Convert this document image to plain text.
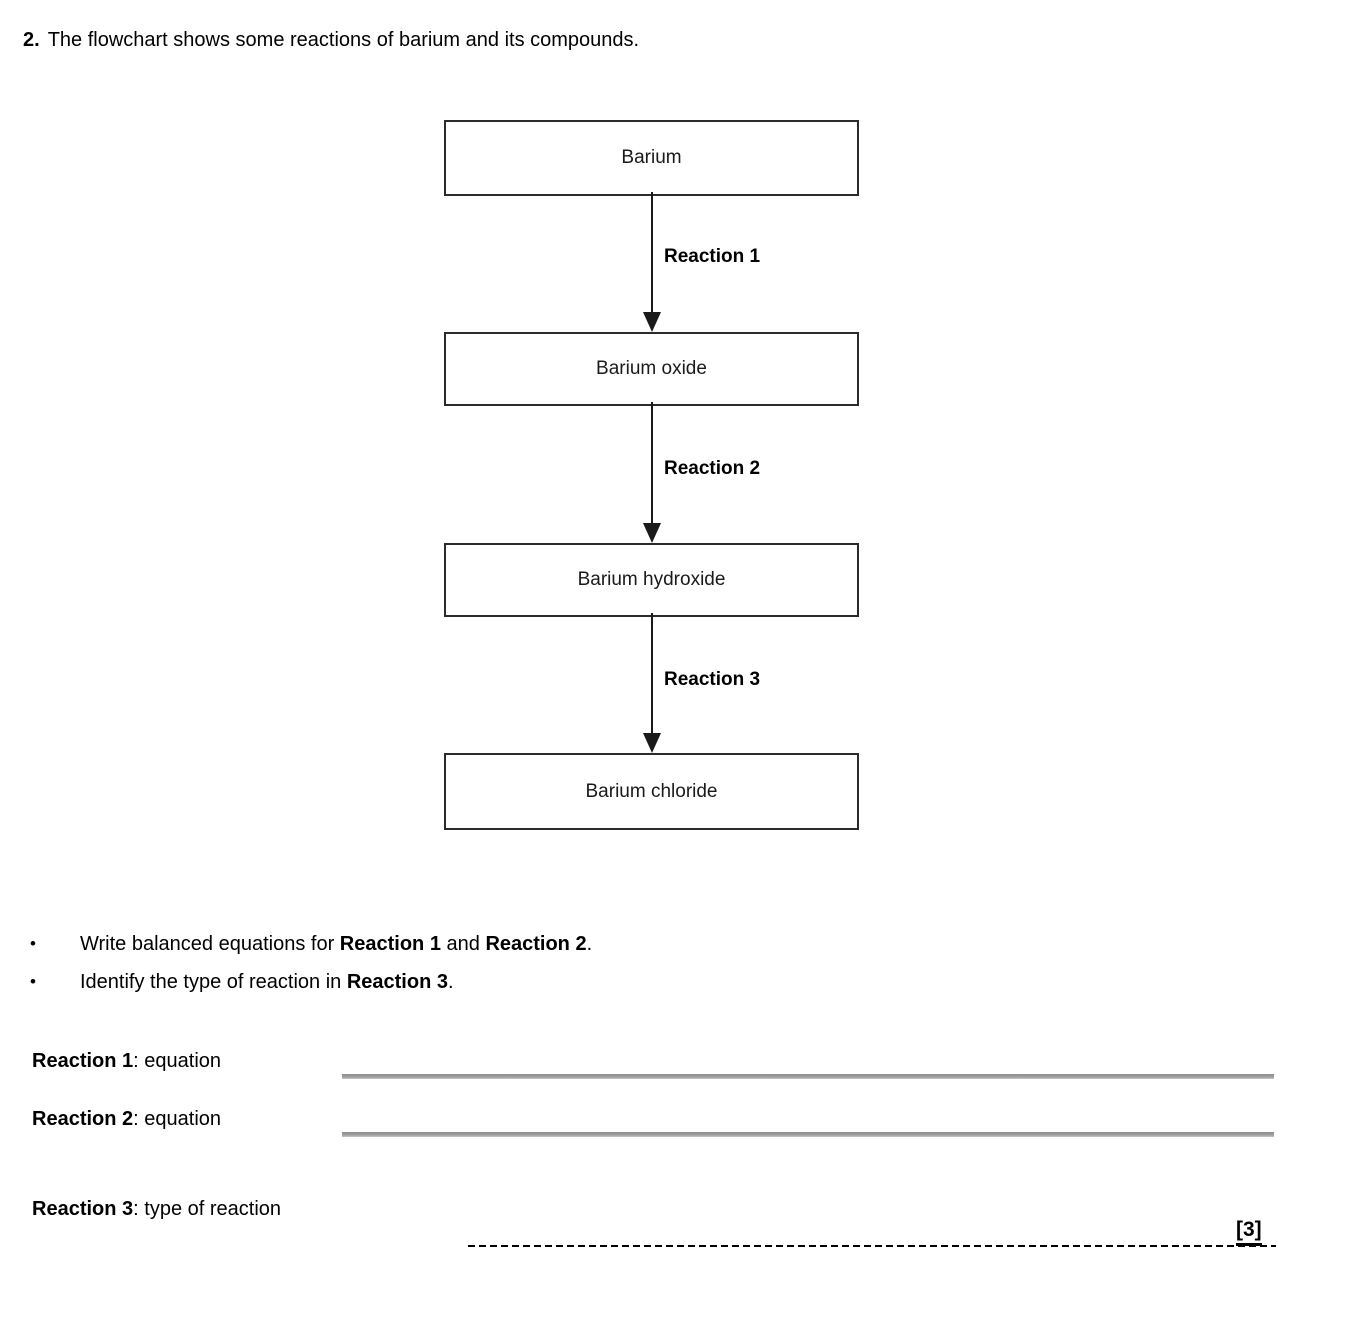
2. The flowchart shows some reactions of barium and its compounds.
Barium
Reaction 1
Barium oxide
Reaction 2
Barium hydroxide
Reaction 3
Barium chloride
• Write balanced equations for Reaction 1 and Reaction 2.
• Identify the type of reaction in Reaction 3.
Reaction 1: equation
Reaction 2: equation
Reaction 3: type of reaction
[3]
